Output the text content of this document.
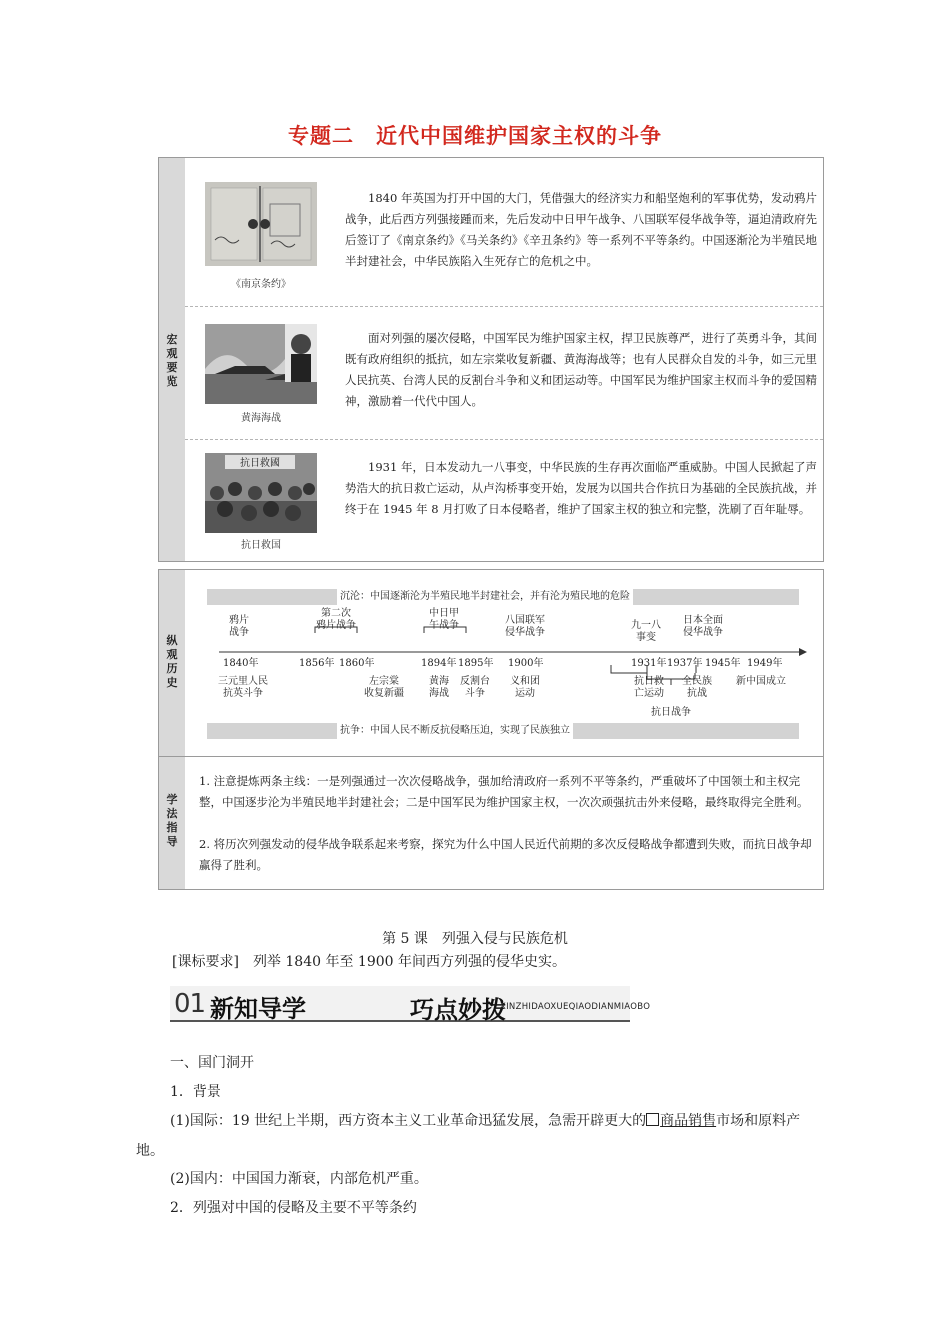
专题二　近代中国维护国家主权的斗争
宏
观
要
览
《南京条约》
1840 年英国为打开中国的大门，凭借强大的经济实力和船坚炮利的军事优势，发动鸦片战争，此后西方列强接踵而来，先后发动中日甲午战争、八国联军侵华战争等，逼迫清政府先后签订了《南京条约》《马关条约》《辛丑条约》等一系列不平等条约。中国逐渐沦为半殖民地半封建社会，中华民族陷入生死存亡的危机之中。
黄海海战
面对列强的屡次侵略，中国军民为维护国家主权，捍卫民族尊严，进行了英勇斗争，其间既有政府组织的抵抗，如左宗棠收复新疆、黄海海战等；也有人民群众自发的斗争，如三元里人民抗英、台湾人民的反割台斗争和义和团运动等。中国军民为维护国家主权而斗争的爱国精神，激励着一代代中国人。
抗日救國
抗日救国
1931 年，日本发动九一八事变，中华民族的生存再次面临严重威胁。中国人民掀起了声势浩大的抗日救亡运动，从卢沟桥事变开始，发展为以国共合作抗日为基础的全民族抗战，并终于在 1945 年 8 月打败了日本侵略者，维护了国家主权的独立和完整，洗刷了百年耻辱。
纵
观
历
史
沉沦：中国逐渐沦为半殖民地半封建社会，并有沦为殖民地的危险
抗争：中国人民不断反抗侵略压迫，实现了民族独立
鸦片
战争
第二次
鸦片战争
中日甲
午战争	八国联军
侵华战争
九一八
事变
日本全面
侵华战争
1840年	1856年 1860年	1894年 1895年 1900年	1931年 1937年 1945年 1949年
三元里人民
抗英斗争
左宗棠
收复新疆
黄海
海战
反割台
斗争
义和团
运动
抗日救
亡运动
全民族
抗战
新中国成立
抗日战争
学
法
指
导
1. 注意提炼两条主线：一是列强通过一次次侵略战争，强加给清政府一系列不平等条约，严重破坏了中国领土和主权完整，中国逐步沦为半殖民地半封建社会；二是中国军民为维护国家主权，一次次顽强抗击外来侵略，最终取得完全胜利。
2. 将历次列强发动的侵华战争联系起来考察，探究为什么中国人民近代前期的多次反侵略战争都遭到失败，而抗日战争却赢得了胜利。
第 5 课　列强入侵与民族危机
[课标要求]　 列举 1840 年至 1900 年间西方列强的侵华史实。
01 新知导学	巧点妙拨
XINZHIDAOXUEQIAODIANMIAOBO
一、国门洞开
1．背景
(1)国际：19 世纪上半期，西方资本主义工业革命迅猛发展，急需开辟更大的 商品销售市场和原料产地。
(2)国内：中国国力渐衰，内部危机严重。
2．列强对中国的侵略及主要不平等条约
